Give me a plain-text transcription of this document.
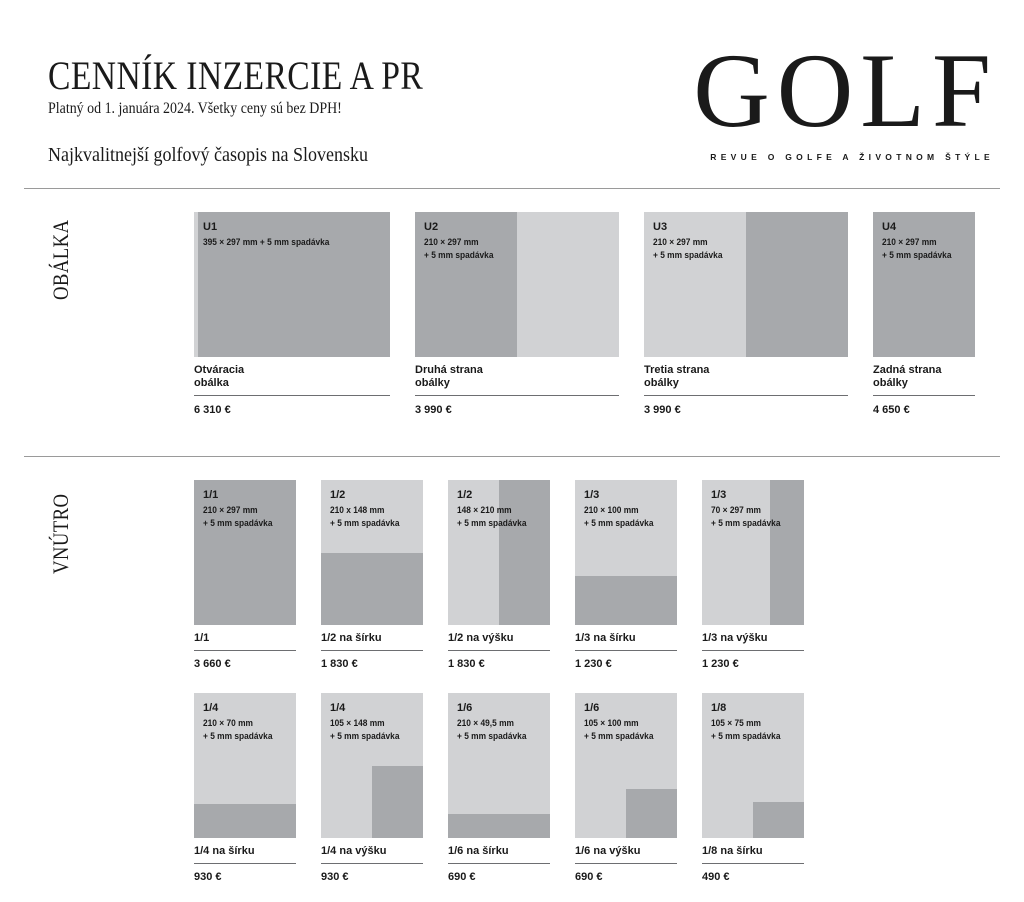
CENNÍK INZERCIE A PR
Platný od 1. januára 2024. Všetky ceny sú bez DPH!
Najkvalitnejší golfový časopis na Slovensku
GOLF
REVUE O GOLFE A ŽIVOTNOM ŠTÝLE
OBÁLKA
VNÚTRO
U1
395 × 297 mm + 5 mm spadávka
Otváracia
obálka
6 310 €
U2
210 × 297 mm
+ 5 mm spadávka
Druhá strana
obálky
3 990 €
U3
210 × 297 mm
+ 5 mm spadávka
Tretia strana
obálky
3 990 €
U4
210 × 297 mm
+ 5 mm spadávka
Zadná strana
obálky
4 650 €
1/1
210 × 297 mm
+ 5 mm spadávka
1/1
3 660 €
1/2
210 x 148 mm
+ 5 mm spadávka
1/2 na šírku
1 830 €
1/2
148 × 210 mm
+ 5 mm spadávka
1/2 na výšku
1 830 €
1/3
210 × 100 mm
+ 5 mm spadávka
1/3 na šírku
1 230 €
1/3
70 × 297 mm
+ 5 mm spadávka
1/3 na výšku
1 230 €
1/4
210 × 70 mm
+ 5 mm spadávka
1/4 na šírku
930 €
1/4
105 × 148 mm
+ 5 mm spadávka
1/4 na výšku
930 €
1/6
210 × 49,5 mm
+ 5 mm spadávka
1/6 na šírku
690 €
1/6
105 × 100 mm
+ 5 mm spadávka
1/6 na výšku
690 €
1/8
105 × 75 mm
+ 5 mm spadávka
1/8 na šírku
490 €
